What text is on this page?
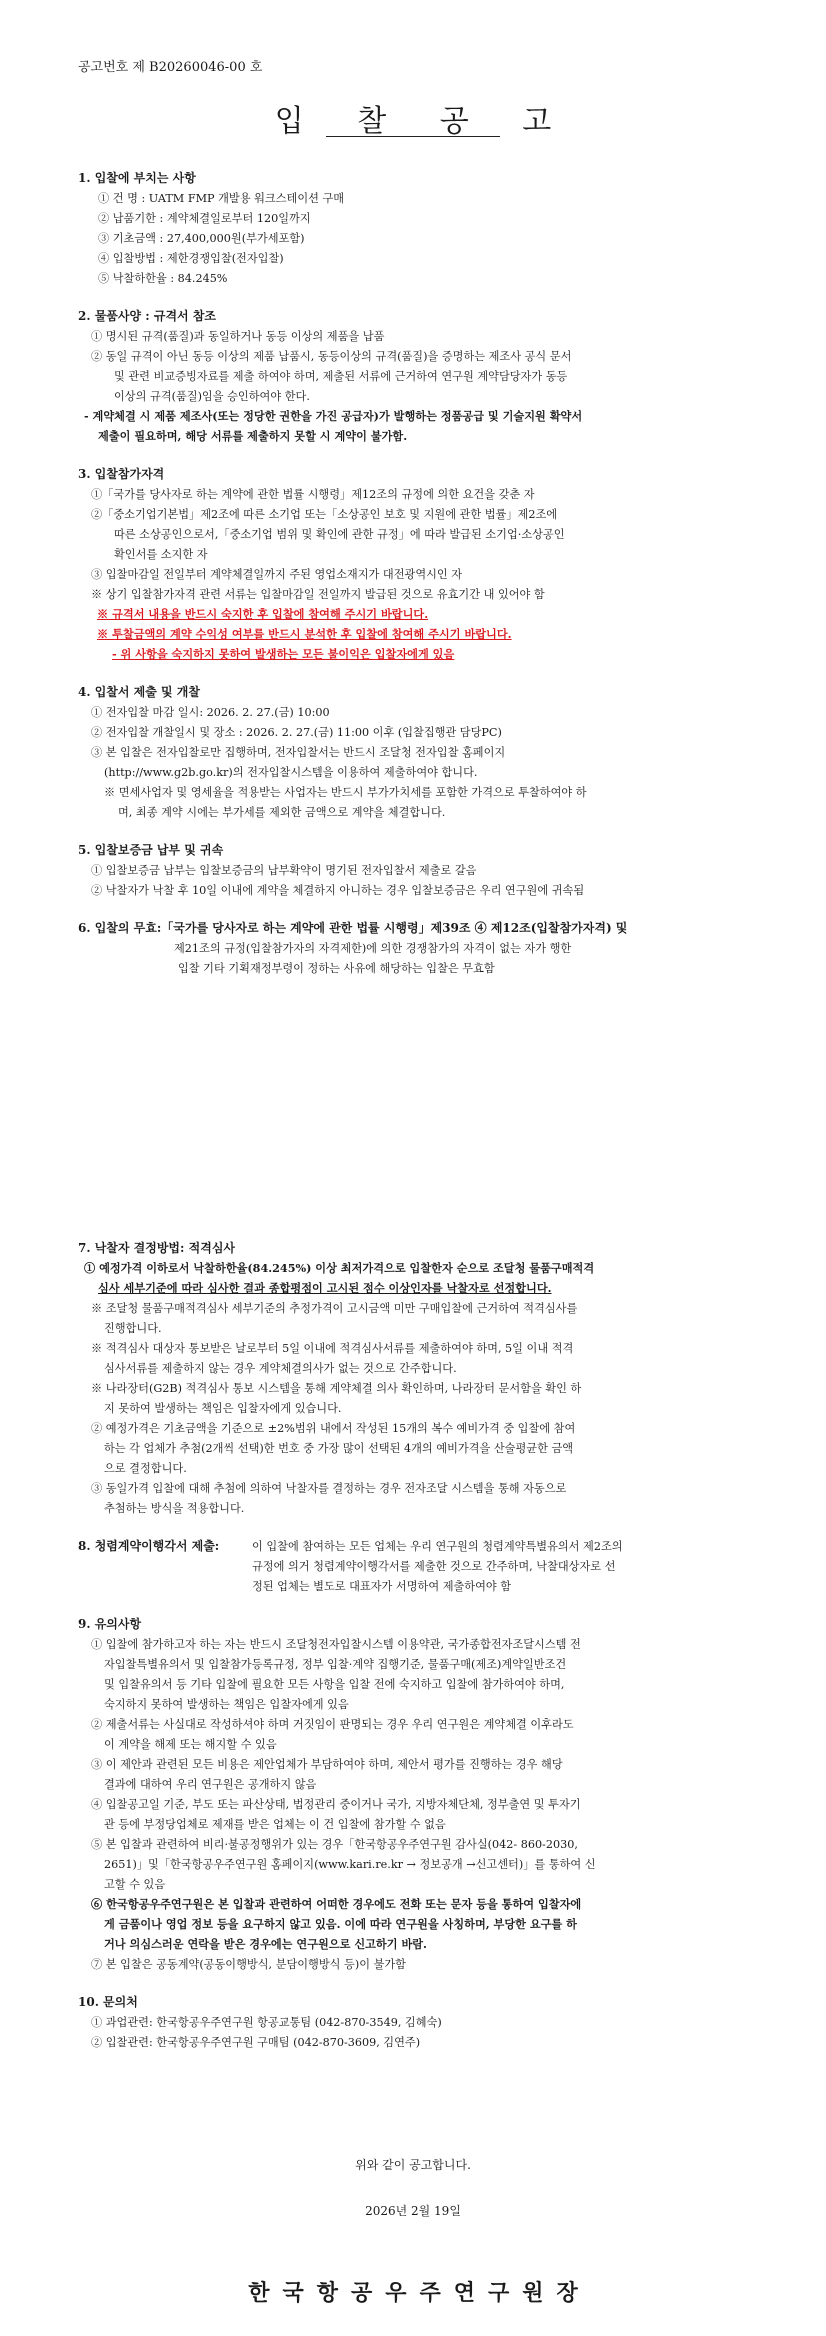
공고번호 제 B20260046-00 호
입 찰 공 고
1. 입찰에 부치는 사항
① 건 명 : UATM FMP 개발용 워크스테이션 구매
② 납품기한 : 계약체결일로부터 120일까지
③ 기초금액 : 27,400,000원(부가세포함)
④ 입찰방법 : 제한경쟁입찰(전자입찰)
⑤ 낙찰하한율 : 84.245%
2. 물품사양 : 규격서 참조
① 명시된 규격(품질)과 동일하거나 동등 이상의 제품을 납품
② 동일 규격이 아닌 동등 이상의 제품 납품시, 동등이상의 규격(품질)을 증명하는 제조사 공식 문서
및 관련 비교증빙자료를 제출 하여야 하며, 제출된 서류에 근거하여 연구원 계약담당자가 동등
이상의 규격(품질)임을 승인하여야 한다.
- 계약체결 시 제품 제조사(또는 정당한 권한을 가진 공급자)가 발행하는 정품공급 및 기술지원 확약서
제출이 필요하며, 해당 서류를 제출하지 못할 시 계약이 불가함.
3. 입찰참가자격
①「국가를 당사자로 하는 계약에 관한 법률 시행령」제12조의 규정에 의한 요건을 갖춘 자
②「중소기업기본법」제2조에 따른 소기업 또는「소상공인 보호 및 지원에 관한 법률」제2조에
따른 소상공인으로서,「중소기업 범위 및 확인에 관한 규정」에 따라 발급된 소기업·소상공인
확인서를 소지한 자
③ 입찰마감일 전일부터 계약체결일까지 주된 영업소재지가 대전광역시인 자
※ 상기 입찰참가자격 관련 서류는 입찰마감일 전일까지 발급된 것으로 유효기간 내 있어야 함
※ 규격서 내용을 반드시 숙지한 후 입찰에 참여해 주시기 바랍니다.
※ 투찰금액의 계약 수익성 여부를 반드시 분석한 후 입찰에 참여해 주시기 바랍니다.
- 위 사항을 숙지하지 못하여 발생하는 모든 불이익은 입찰자에게 있음
4. 입찰서 제출 및 개찰
① 전자입찰 마감 일시: 2026. 2. 27.(금) 10:00
② 전자입찰 개찰일시 및 장소 : 2026. 2. 27.(금) 11:00 이후 (입찰집행관 담당PC)
③ 본 입찰은 전자입찰로만 집행하며, 전자입찰서는 반드시 조달청 전자입찰 홈페이지
(http://www.g2b.go.kr)의 전자입찰시스템을 이용하여 제출하여야 합니다.
※ 면세사업자 및 영세율을 적용받는 사업자는 반드시 부가가치세를 포함한 가격으로 투찰하여야 하
며, 최종 계약 시에는 부가세를 제외한 금액으로 계약을 체결합니다.
5. 입찰보증금 납부 및 귀속
① 입찰보증금 납부는 입찰보증금의 납부확약이 명기된 전자입찰서 제출로 갈음
② 낙찰자가 낙찰 후 10일 이내에 계약을 체결하지 아니하는 경우 입찰보증금은 우리 연구원에 귀속됨
6. 입찰의 무효:「국가를 당사자로 하는 계약에 관한 법률 시행령」제39조 ④ 제12조(입찰참가자격) 및
제21조의 규정(입찰참가자의 자격제한)에 의한 경쟁참가의 자격이 없는 자가 행한
입찰 기타 기획재정부령이 정하는 사유에 해당하는 입찰은 무효함
7. 낙찰자 결정방법: 적격심사
① 예정가격 이하로서 낙찰하한율(84.245%) 이상 최저가격으로 입찰한자 순으로 조달청 물품구매적격
심사 세부기준에 따라 심사한 결과 종합평점이 고시된 점수 이상인자를 낙찰자로 선정합니다.
※ 조달청 물품구매적격심사 세부기준의 추정가격이 고시금액 미만 구매입찰에 근거하여 적격심사를
진행합니다.
※ 적격심사 대상자 통보받은 날로부터 5일 이내에 적격심사서류를 제출하여야 하며, 5일 이내 적격
심사서류를 제출하지 않는 경우 계약체결의사가 없는 것으로 간주합니다.
※ 나라장터(G2B) 적격심사 통보 시스템을 통해 계약체결 의사 확인하며, 나라장터 문서함을 확인 하
지 못하여 발생하는 책임은 입찰자에게 있습니다.
② 예정가격은 기초금액을 기준으로 ±2%범위 내에서 작성된 15개의 복수 예비가격 중 입찰에 참여
하는 각 업체가 추첨(2개씩 선택)한 번호 중 가장 많이 선택된 4개의 예비가격을 산술평균한 금액
으로 결정합니다.
③ 동일가격 입찰에 대해 추첨에 의하여 낙찰자를 결정하는 경우 전자조달 시스템을 통해 자동으로
추첨하는 방식을 적용합니다.
8. 청렴계약이행각서 제출:	이 입찰에 참여하는 모든 업체는 우리 연구원의 청렴계약특별유의서 제2조의
규정에 의거 청렴계약이행각서를 제출한 것으로 간주하며, 낙찰대상자로 선
정된 업체는 별도로 대표자가 서명하여 제출하여야 함
9. 유의사항
① 입찰에 참가하고자 하는 자는 반드시 조달청전자입찰시스템 이용약관, 국가종합전자조달시스템 전
자입찰특별유의서 및 입찰참가등록규정, 정부 입찰·계약 집행기준, 물품구매(제조)계약일반조건
및 입찰유의서 등 기타 입찰에 필요한 모든 사항을 입찰 전에 숙지하고 입찰에 참가하여야 하며,
숙지하지 못하여 발생하는 책임은 입찰자에게 있음
② 제출서류는 사실대로 작성하셔야 하며 거짓임이 판명되는 경우 우리 연구원은 계약체결 이후라도
이 계약을 해제 또는 해지할 수 있음
③ 이 제안과 관련된 모든 비용은 제안업체가 부담하여야 하며, 제안서 평가를 진행하는 경우 해당
결과에 대하여 우리 연구원은 공개하지 않음
④ 입찰공고일 기준, 부도 또는 파산상태, 법정관리 중이거나 국가, 지방자체단체, 정부출연 및 투자기
관 등에 부정당업체로 제재를 받은 업체는 이 건 입찰에 참가할 수 없음
⑤ 본 입찰과 관련하여 비리·불공정행위가 있는 경우「한국항공우주연구원 감사실(042- 860-2030,
2651)」및「한국항공우주연구원 홈페이지(www.kari.re.kr → 정보공개 →신고센터)」를 통하여 신
고할 수 있음
⑥ 한국항공우주연구원은 본 입찰과 관련하여 어떠한 경우에도 전화 또는 문자 등을 통하여 입찰자에
게 금품이나 영업 정보 등을 요구하지 않고 있음. 이에 따라 연구원을 사칭하며, 부당한 요구를 하
거나 의심스러운 연락을 받은 경우에는 연구원으로 신고하기 바람.
⑦ 본 입찰은 공동계약(공동이행방식, 분담이행방식 등)이 불가함
10. 문의처
① 과업관련: 한국항공우주연구원 항공교통팀 (042-870-3549, 김혜숙)
② 입찰관련: 한국항공우주연구원 구매팀 (042-870-3609, 김연주)
위와 같이 공고합니다.
2026년 2월 19일
한국항공우주연구원장
